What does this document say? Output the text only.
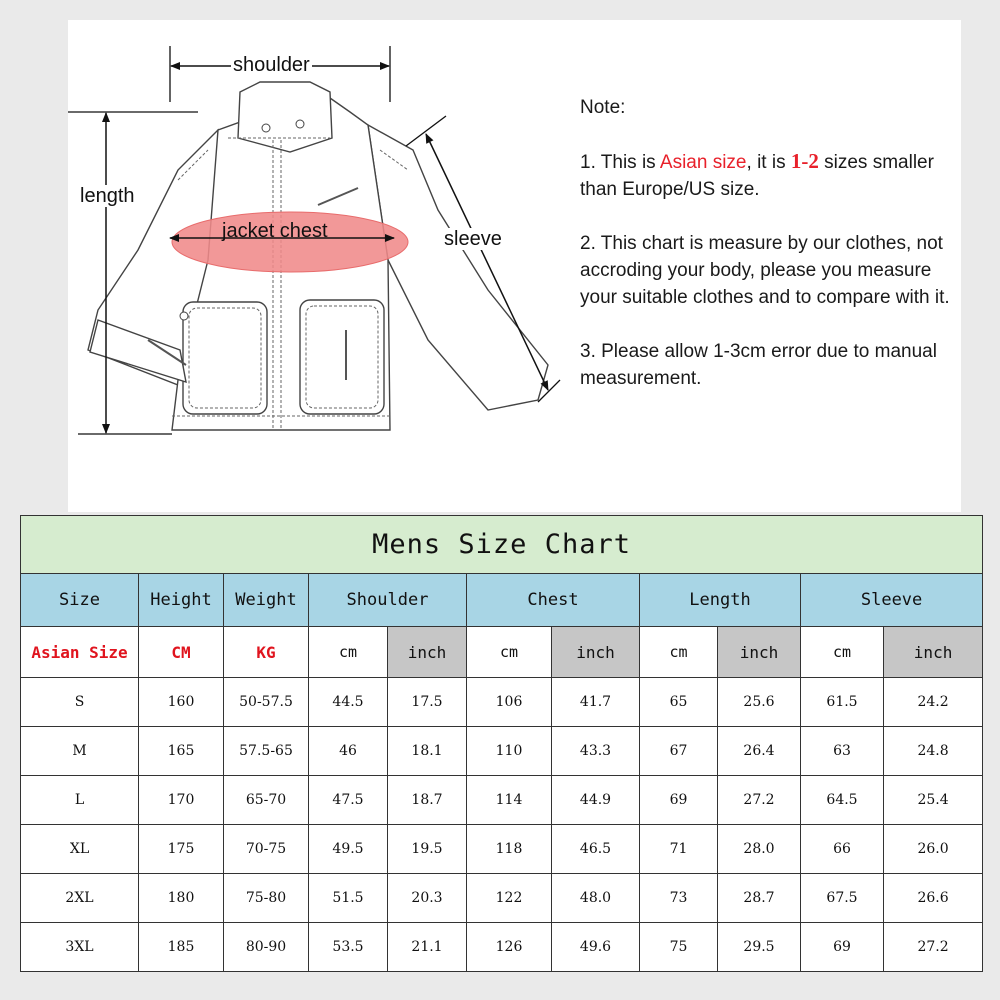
shoulder
length
jacket chest	sleeve

Note:

1. This is Asian size, it is 1-2 sizes smaller than Europe/US size.

2. This chart is measure by our clothes, not accroding your body, please you measure your suitable clothes and to compare with it.

3. Please allow 1-3cm error due to manual measurement.

Mens Size Chart										
Size	Height	Weight	Shoulder		Chest		Length		Sleeve	
Asian Size	CM	KG	cm	inch	cm	inch	cm	inch	cm	inch
S	160	50-57.5	44.5	17.5	106	41.7	65	25.6	61.5	24.2
M	165	57.5-65	46	18.1	110	43.3	67	26.4	63	24.8
L	170	65-70	47.5	18.7	114	44.9	69	27.2	64.5	25.4
XL	175	70-75	49.5	19.5	118	46.5	71	28.0	66	26.0
2XL	180	75-80	51.5	20.3	122	48.0	73	28.7	67.5	26.6
3XL	185	80-90	53.5	21.1	126	49.6	75	29.5	69	27.2
